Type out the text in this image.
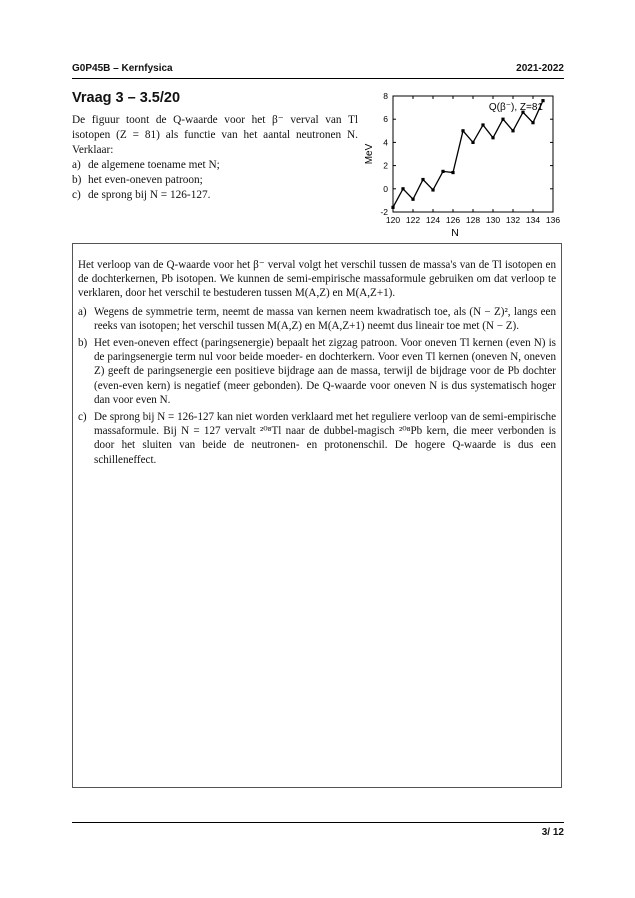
G0P45B – Kernfysica	2021-2022
Vraag 3 – 3.5/20

De figuur toont de Q-waarde voor het β⁻ verval van Tl isotopen (Z = 81) als functie van het aantal neutronen N. Verklaar:

a) de algemene toename met N;
b) het even-oneven patroon;
c) de sprong bij N = 126-127.
120 122 124 126 128 130 132 134 136
-2
0
2
4
6
8
Q(β⁻), Z=81
N
MeV

Het verloop van de Q-waarde voor het β⁻ verval volgt het verschil tussen de massa's van de Tl isotopen en de dochterkernen, Pb isotopen. We kunnen de semi-empirische massaformule gebruiken om dat verloop te verklaren, door het verschil te bestuderen tussen M(A,Z) en M(A,Z+1).

a) Wegens de symmetrie term, neemt de massa van kernen neem kwadratisch toe, als (N − Z)², langs een reeks van isotopen; het verschil tussen M(A,Z) en M(A,Z+1) neemt dus lineair toe met (N − Z).
b) Het even-oneven effect (paringsenergie) bepaalt het zigzag patroon. Voor oneven Tl kernen (even N) is de paringsenergie term nul voor beide moeder- en dochterkern. Voor even Tl kernen (oneven N, oneven Z) geeft de paringsenergie een positieve bijdrage aan de massa, terwijl de bijdrage voor de Pb dochter (even-even kern) is negatief (meer gebonden). De Q-waarde voor oneven N is dus systematisch hoger dan voor even N.
c) De sprong bij N = 126-127 kan niet worden verklaard met het reguliere verloop van de semi-empirische massaformule. Bij N = 127 vervalt ²⁰⁸Tl naar de dubbel-magisch ²⁰⁸Pb kern, die meer verbonden is door het sluiten van beide de neutronen- en protonenschil. De hogere Q-waarde is dus een schilleneffect.
3/ 12
